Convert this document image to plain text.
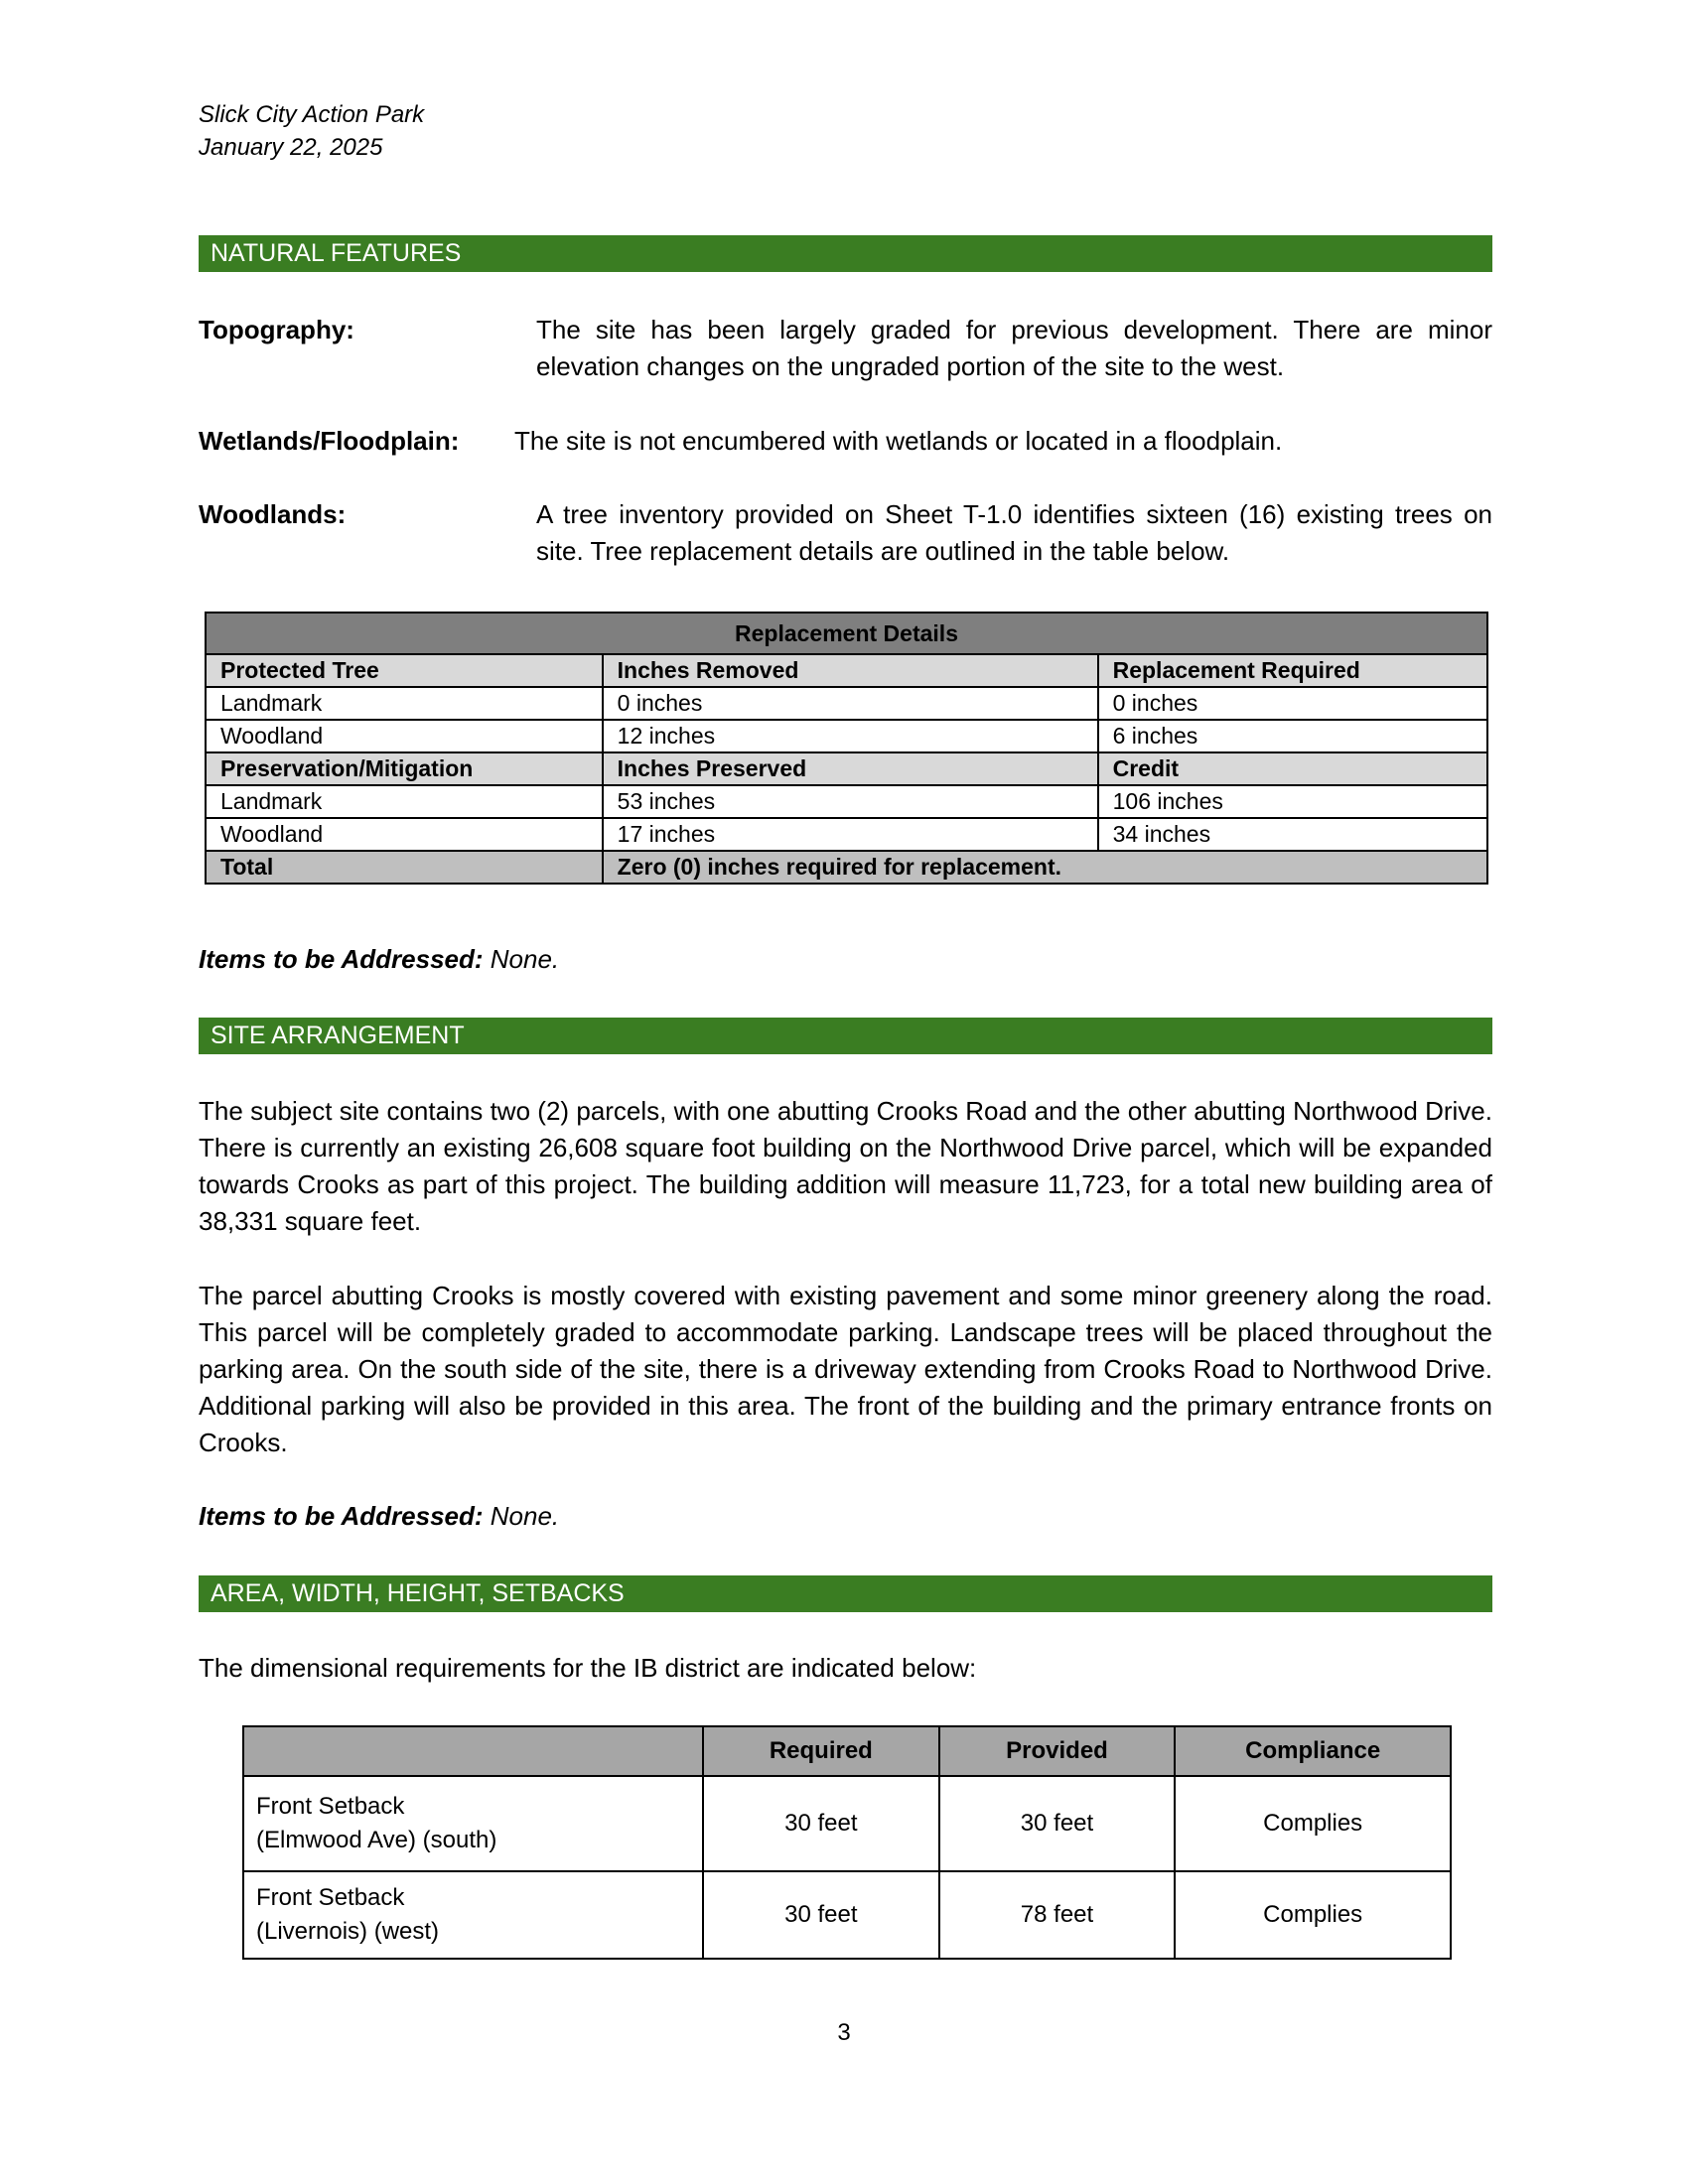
Slick City Action Park
January 22, 2025
NATURAL FEATURES
Topography:	The site has been largely graded for previous development. There are minor elevation changes on the ungraded portion of the site to the west.
Wetlands/Floodplain: The site is not encumbered with wetlands or located in a floodplain.
Woodlands:	A tree inventory provided on Sheet T-1.0 identifies sixteen (16) existing trees on site. Tree replacement details are outlined in the table below.
Replacement Details		
Protected Tree	Inches Removed	Replacement Required
Landmark	0 inches	0 inches
Woodland	12 inches	6 inches
Preservation/Mitigation	Inches Preserved	Credit
Landmark	53 inches	106 inches
Woodland	17 inches	34 inches
Total	Zero (0) inches required for replacement.	
Items to be Addressed: None.
SITE ARRANGEMENT
The subject site contains two (2) parcels, with one abutting Crooks Road and the other abutting Northwood Drive. There is currently an existing 26,608 square foot building on the Northwood Drive parcel, which will be expanded towards Crooks as part of this project. The building addition will measure 11,723, for a total new building area of 38,331 square feet.
The parcel abutting Crooks is mostly covered with existing pavement and some minor greenery along the road. This parcel will be completely graded to accommodate parking. Landscape trees will be placed throughout the parking area. On the south side of the site, there is a driveway extending from Crooks Road to Northwood Drive. Additional parking will also be provided in this area. The front of the building and the primary entrance fronts on Crooks.
Items to be Addressed: None.
AREA, WIDTH, HEIGHT, SETBACKS
The dimensional requirements for the IB district are indicated below:
	Required	Provided	Compliance

Front Setback
(Elmwood Ave) (south)	30 feet	30 feet	Complies

Front Setback
(Livernois) (west)	30 feet	78 feet	Complies
3
